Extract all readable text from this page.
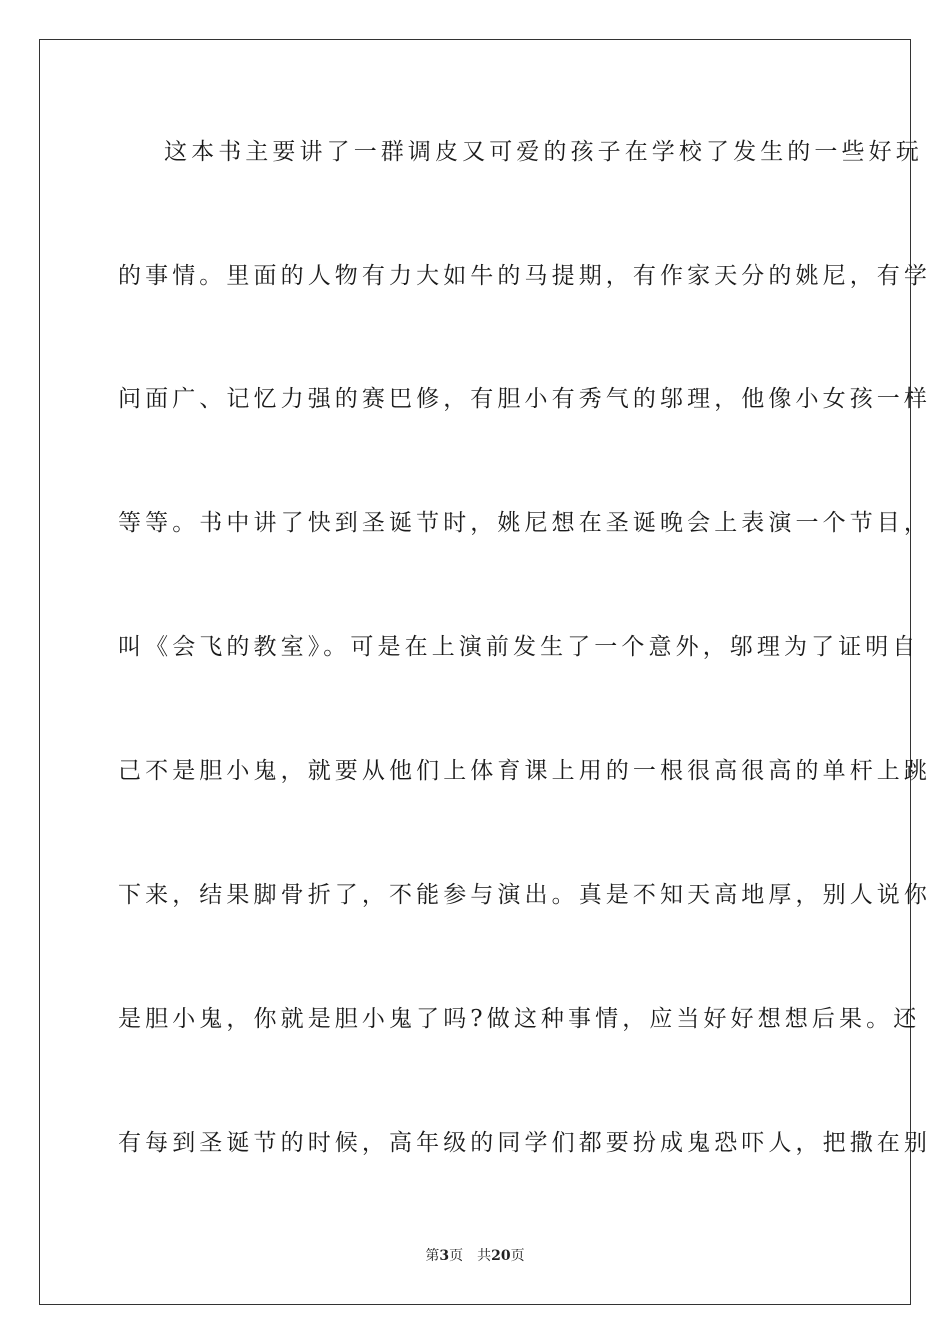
这本书主要讲了一群调皮又可爱的孩子在学校了发生的一些好玩
的事情。里面的人物有力大如牛的马提期，有作家天分的姚尼，有学
问面广、记忆力强的赛巴修，有胆小有秀气的邬理，他像小女孩一样
等等。书中讲了快到圣诞节时，姚尼想在圣诞晚会上表演一个节目，
叫《会飞的教室》。可是在上演前发生了一个意外，邬理为了证明自
己不是胆小鬼，就要从他们上体育课上用的一根很高很高的单杆上跳
下来，结果脚骨折了，不能参与演出。真是不知天高地厚，别人说你
是胆小鬼，你就是胆小鬼了吗?做这种事情，应当好好想想后果。还
有每到圣诞节的时候，高年级的同学们都要扮成鬼恐吓人，把撒在别
第3页 共20页
